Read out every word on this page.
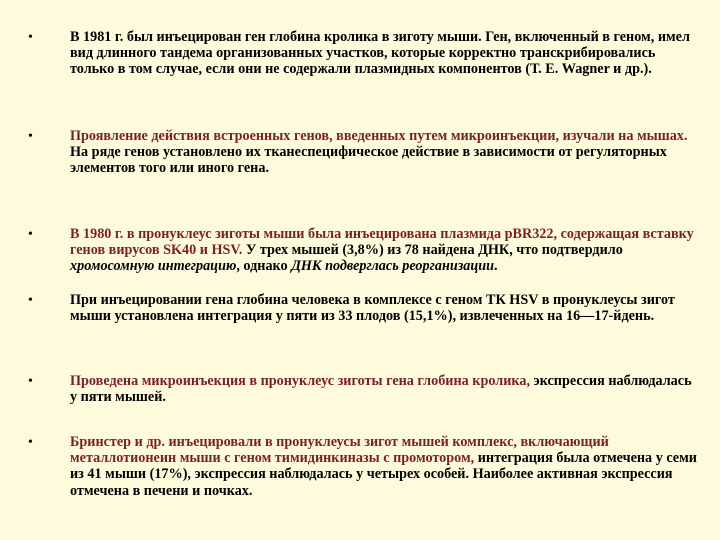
•	В 1981 г. был инъецирован ген глобина кролика в зиготу мыши. Ген, включенный в геном, имел вид длинного тандема организованных участков, которые корректно транскрибировались только в том случае, если они не содержали плазмидных компонентов (Т. Е. Wagner и др.).
•	Проявление действия встроенных генов, введенных путем микроинъекции, изучали на мышах. На ряде генов установлено их тканеспецифическое действие в зависимости от регуляторных элементов того или иного гена.
•	В 1980 г. в пронуклеус зиготы мыши была инъецирована плазмида pBR322, содержащая вставку генов вирусов SK40 и HSV. У трех мышей (3,8%) из 78 найдена ДНК, что подтвердило хромосомную интеграцию, однако ДНК подверглась реорганизации.
•	При инъецировании гена глобина человека в комплексе с геном ТК HSV в пронуклеусы зигот мыши установлена интеграция у пяти из 33 плодов (15,1%), извлеченных на 16—17-йдень.
•	Проведена микроинъекция в пронуклеус зиготы гена глобина кролика, экспрессия наблюдалась у пяти мышей.
•	Бринстер и др. инъецировали в пронуклеусы зигот мышей комплекс, включающий металлотионеин мыши с геном тимидинкиназы с промотором, интеграция была отмечена у семи из 41 мыши (17%), экспрессия наблюдалась у четырех особей. Наиболее активная экспрессия отмечена в печени и почках.
